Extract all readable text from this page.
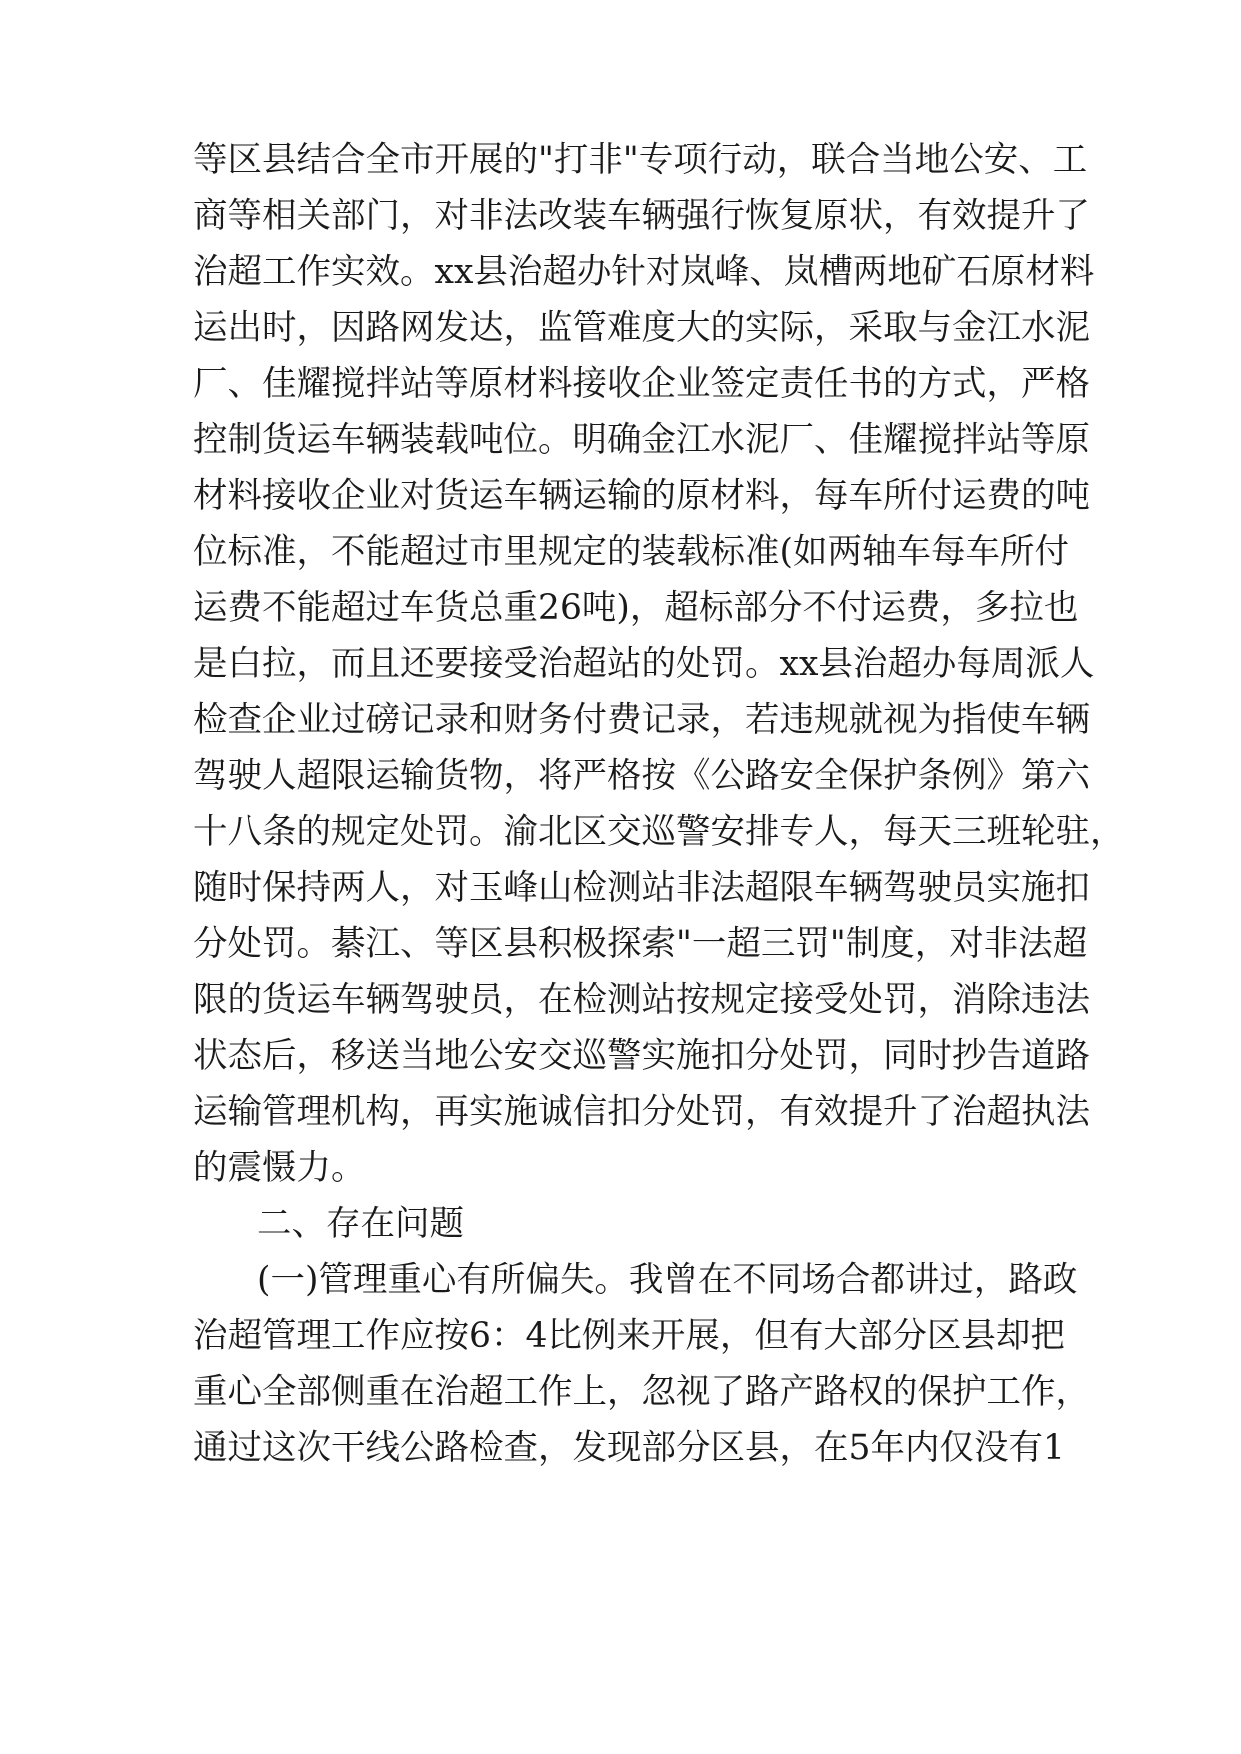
等区县结合全市开展的"打非"专项行动，联合当地公安、工
商等相关部门，对非法改装车辆强行恢复原状，有效提升了
治超工作实效。xx县治超办针对岚峰、岚槽两地矿石原材料
运出时，因路网发达，监管难度大的实际，采取与金江水泥
厂、佳耀搅拌站等原材料接收企业签定责任书的方式，严格
控制货运车辆装载吨位。明确金江水泥厂、佳耀搅拌站等原
材料接收企业对货运车辆运输的原材料，每车所付运费的吨
位标准，不能超过市里规定的装载标准(如两轴车每车所付
运费不能超过车货总重26吨)，超标部分不付运费，多拉也
是白拉，而且还要接受治超站的处罚。xx县治超办每周派人
检查企业过磅记录和财务付费记录，若违规就视为指使车辆
驾驶人超限运输货物，将严格按《公路安全保护条例》第六
十八条的规定处罚。渝北区交巡警安排专人，每天三班轮驻，
随时保持两人，对玉峰山检测站非法超限车辆驾驶员实施扣
分处罚。綦江、等区县积极探索"一超三罚"制度，对非法超
限的货运车辆驾驶员，在检测站按规定接受处罚，消除违法
状态后，移送当地公安交巡警实施扣分处罚，同时抄告道路
运输管理机构，再实施诚信扣分处罚，有效提升了治超执法
的震慑力。
二、存在问题
(一)管理重心有所偏失。我曾在不同场合都讲过，路政
治超管理工作应按6：4比例来开展，但有大部分区县却把
重心全部侧重在治超工作上，忽视了路产路权的保护工作，
通过这次干线公路检查，发现部分区县，在5年内仅没有1
